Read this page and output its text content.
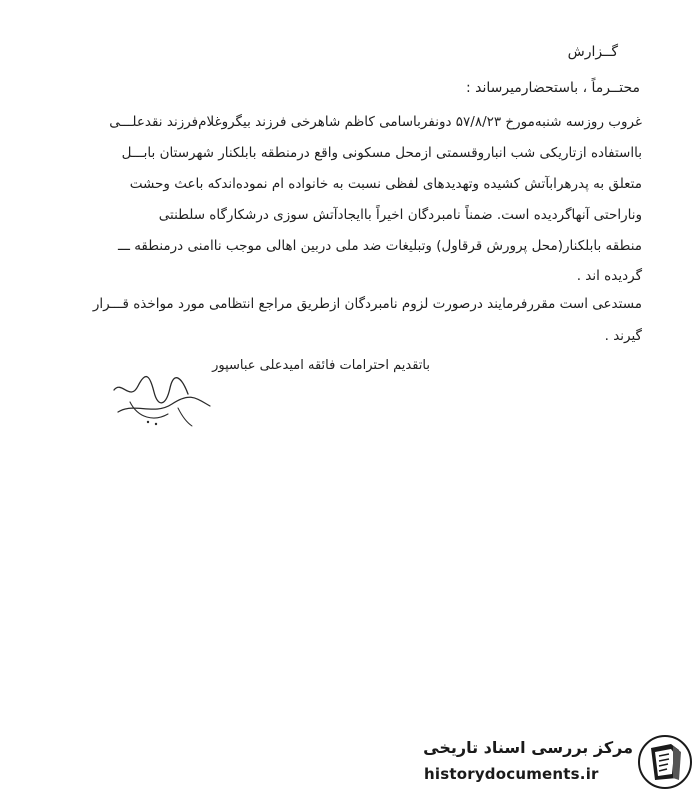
گــزارش
محتــرماً ، باستحضارمیرساند :
غروب روزسه شنبه‌مورخ ۵۷/۸/۲۳ دونفرباسامی کاظم شاهرخی فرزند بیگروغلام‌فرزند نقدعلـــی
بااستفاده ازتاریکی شب انباروقسمتی ازمحل مسکونی واقع درمنطقه بابلکنار شهرستان بابـــل
متعلق به پدرهرابآتش کشیده وتهدیدهای لفظی نسبت به خانواده ام نموده‌اندکه باعث وحشت
وناراحتی آنهاگردیده است. ضمناً نامبردگان اخیراً باایجادآتش سوزی درشکارگاه سلطنتی
منطقه بابلکنار(محل پرورش قرقاول) وتبلیغات ضد ملی دربین اهالی موجب ناامنی درمنطقه ـــ
گردیده اند .
مستدعی است مقررفرمایند درصورت لزوم نامبردگان ازطریق مراجع انتظامی مورد مواخذه قـــرار
گیرند .
باتقدیم احترامات فائقه امیدعلی عباسپور
مرکز بررسی اسناد تاریخی
historydocuments.ir
